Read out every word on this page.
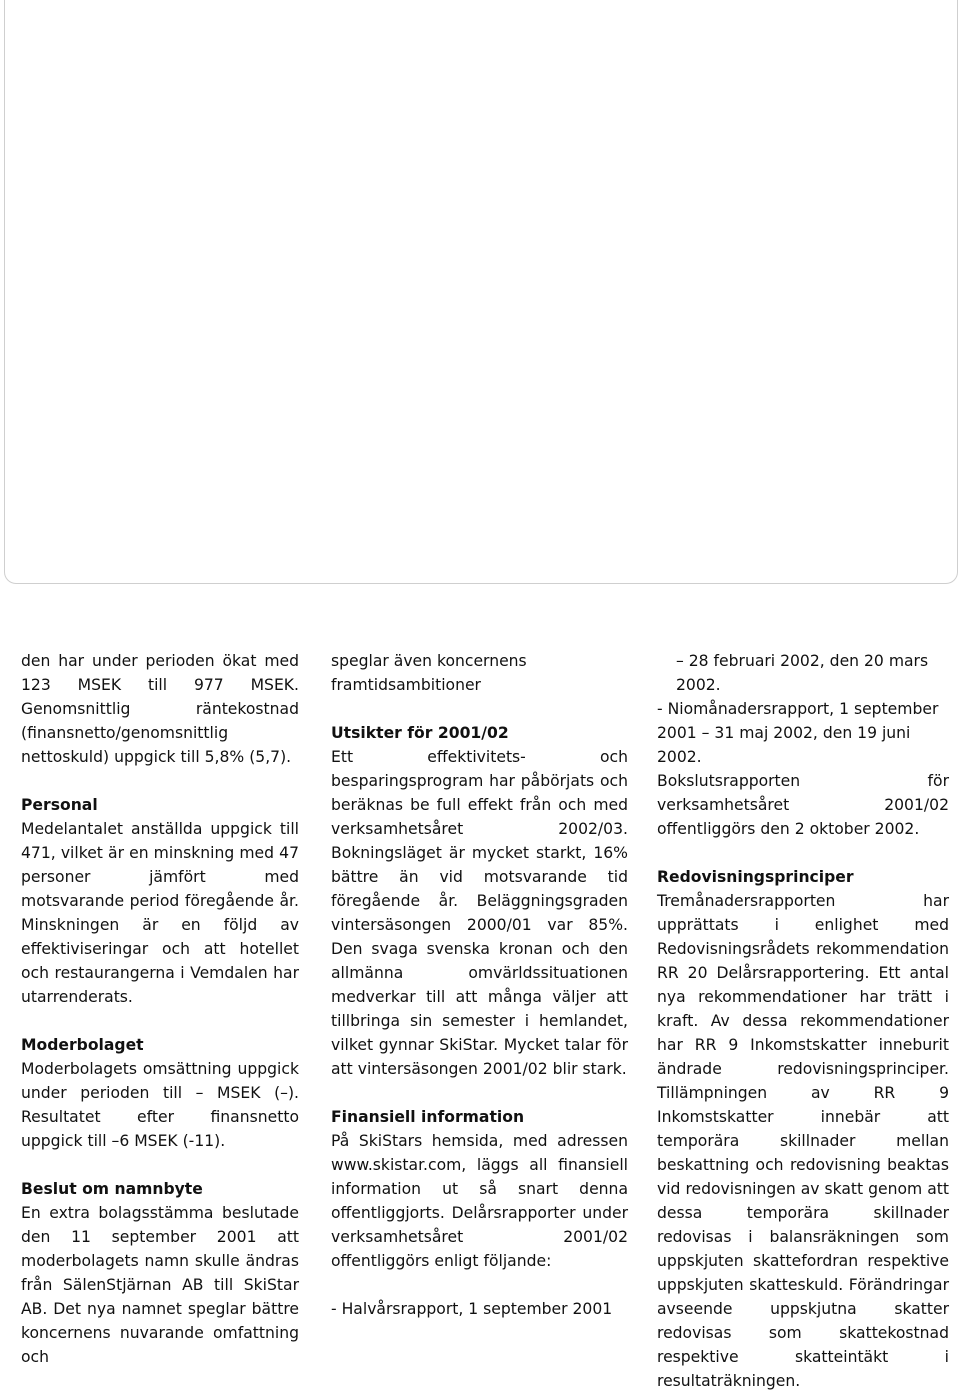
den har under perioden ökat med 123 MSEK till 977 MSEK. Genomsnittlig räntekostnad (finansnetto/genomsnittlig nettoskuld) uppgick till 5,8% (5,7).

Personal

Medelantalet anställda uppgick till 471, vilket är en minskning med 47 personer jämfört med motsvarande period föregående år. Minskningen är en följd av effektiviseringar och att hotellet och restaurangerna i Vemdalen har utarrenderats.

Moderbolaget

Moderbolagets omsättning uppgick under perioden till – MSEK (–). Resultatet efter finansnetto uppgick till –6 MSEK (-11).

Beslut om namnbyte

En extra bolagsstämma beslutade den 11 september 2001 att moderbolagets namn skulle ändras från SälenStjärnan AB till SkiStar AB. Det nya namnet speglar bättre koncernens nuvarande omfattning och

speglar även koncernens framtidsambitioner

Utsikter för 2001/02

Ett effektivitets- och besparingsprogram har påbörjats och beräknas be full effekt från och med verksamhetsåret 2002/03. Bokningsläget är mycket starkt, 16% bättre än vid motsvarande tid föregående år. Beläggningsgraden vintersäsongen 2000/01 var 85%. Den svaga svenska kronan och den allmänna omvärldssituationen medverkar till att många väljer att tillbringa sin semester i hemlandet, vilket gynnar SkiStar. Mycket talar för att vintersäsongen 2001/02 blir stark.

Finansiell information

På SkiStars hemsida, med adressen www.skistar.com, läggs all finansiell information ut så snart denna offentliggjorts. Delårsrapporter under verksamhetsåret 2001/02 offentliggörs enligt följande:

- Halvårsrapport, 1 september 2001

– 28 februari 2002, den 20 mars 2002.

- Niomånadersrapport, 1 september 2001 – 31 maj 2002, den 19 juni 2002.

Bokslutsrapporten för verksamhetsåret 2001/02 offentliggörs den 2 oktober 2002.

Redovisningsprinciper

Tremånadersrapporten har upprättats i enlighet med Redovisningsrådets rekommendation RR 20 Delårsrapportering. Ett antal nya rekommendationer har trätt i kraft. Av dessa rekommendationer har RR 9 Inkomstskatter inneburit ändrade redovisningsprinciper. Tillämpningen av RR 9 Inkomstskatter innebär att temporära skillnader mellan beskattning och redovisning beaktas vid redovisningen av skatt genom att dessa temporära skillnader redovisas i balansräkningen som uppskjuten skattefordran respektive uppskjuten skatteskuld. Förändringar avseende uppskjutna skatter redovisas som skattekostnad respektive skatteintäkt i resultaträkningen.
